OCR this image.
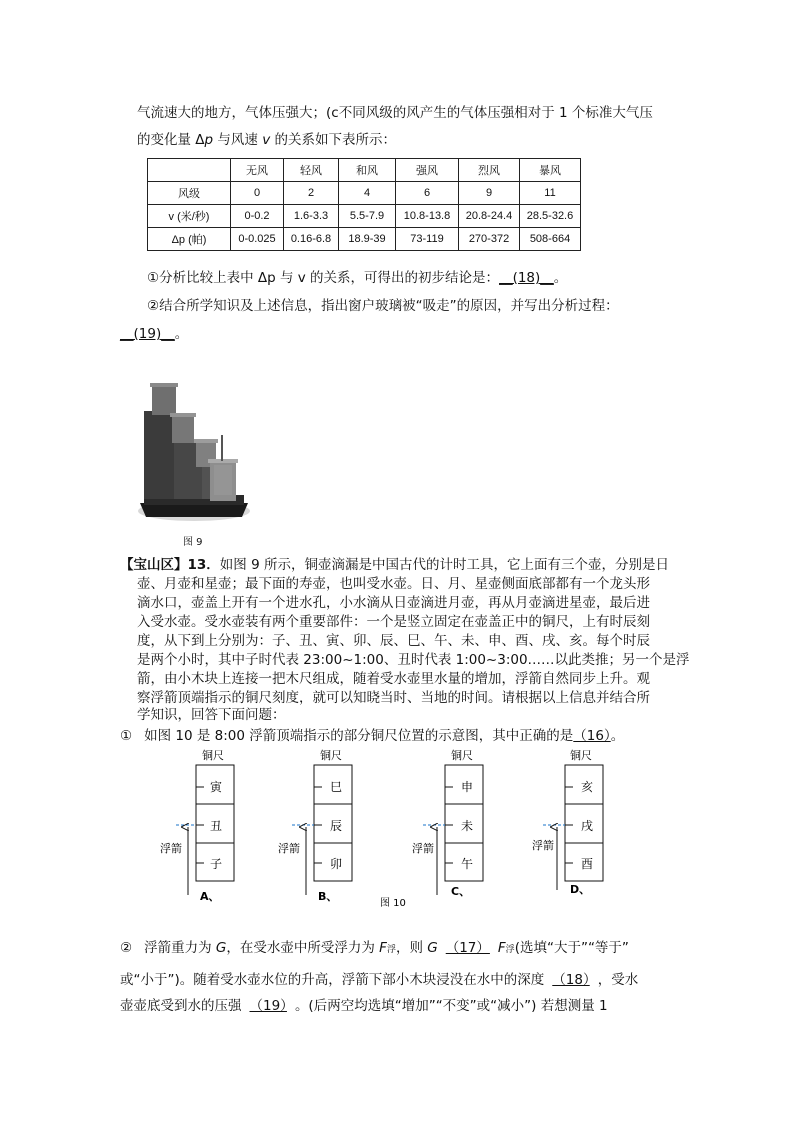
气流速大的地方，气体压强大；(c不同风级的风产生的气体压强相对于 1 个标准大气压
的变化量 Δp 与风速 v 的关系如下表所示：
	无风	轻风	和风	强风	烈风	暴风
风级	0	2	4	6	9	11
v (米/秒)	0-0.2	1.6-3.3	5.5-7.9	10.8-13.8	20.8-24.4	28.5-32.6
Δp (帕)	0-0.025	0.16-6.8	18.9-39	73-119	270-372	508-664
①分析比较上表中 Δp 与 v 的关系，可得出的初步结论是：__(18)__。
②结合所学知识及上述信息，指出窗户玻璃被“吸走”的原因，并写出分析过程：
__(19)__。
图 9
【宝山区】13．如图 9 所示，铜壶滴漏是中国古代的计时工具，它上面有三个壶，分别是日
壶、月壶和星壶；最下面的寿壶，也叫受水壶。日、月、星壶侧面底部都有一个龙头形
滴水口，壶盖上开有一个进水孔，小水滴从日壶滴进月壶，再从月壶滴进星壶，最后进
入受水壶。受水壶装有两个重要部件：一个是竖立固定在壶盖正中的铜尺，上有时辰刻
度，从下到上分别为：子、丑、寅、卯、辰、巳、午、未、申、酉、戌、亥。每个时辰
是两个小时，其中子时代表 23:00~1:00、丑时代表 1:00~3:00……以此类推；另一个是浮
箭，由小木块上连接一把木尺组成，随着受水壶里水量的增加，浮箭自然同步上升。观
察浮箭顶端指示的铜尺刻度，就可以知晓当时、当地的时间。请根据以上信息并结合所
学知识，回答下面问题：
① 如图 10 是 8:00 浮箭顶端指示的部分铜尺位置的示意图，其中正确的是（16）。
铜尺
寅
丑
子
浮箭
A、
铜尺
巳
辰
卯
浮箭
B、
铜尺
申
未
午
浮箭
C、
铜尺
亥
戌
酉
浮箭
D、
图 10
② 浮箭重力为 G，在受水壶中所受浮力为 F浮，则 G （17） F浮(选填“大于”“等于”
或“小于”)。随着受水壶水位的升高，浮箭下部小木块浸没在水中的深度 （18） ，受水
壶壶底受到水的压强 （19） 。(后两空均选填“增加”“不变”或“减小”) 若想测量 1
